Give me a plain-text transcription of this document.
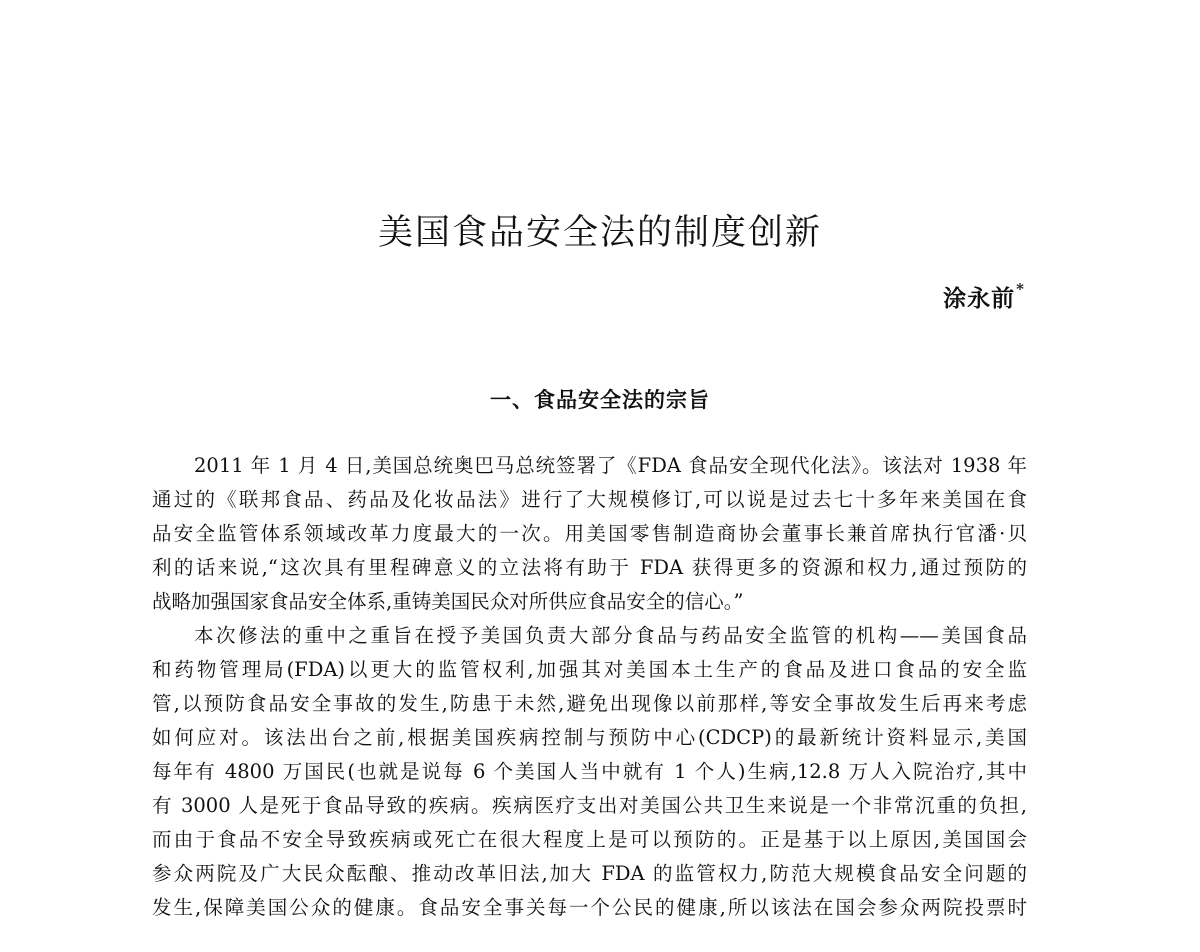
美国食品安全法的制度创新
涂永前*
一、食品安全法的宗旨
2011 年 1 月 4 日,美国总统奥巴马总统签署了《FDA 食品安全现代化法》。该法对 1938 年
通过的《联邦食品、药品及化妆品法》进行了大规模修订,可以说是过去七十多年来美国在食
品安全监管体系领域改革力度最大的一次。用美国零售制造商协会董事长兼首席执行官潘·贝
利的话来说,“这次具有里程碑意义的立法将有助于 FDA 获得更多的资源和权力,通过预防的
战略加强国家食品安全体系,重铸美国民众对所供应食品安全的信心。”
本次修法的重中之重旨在授予美国负责大部分食品与药品安全监管的机构——美国食品
和药物管理局(FDA)以更大的监管权利,加强其对美国本土生产的食品及进口食品的安全监
管,以预防食品安全事故的发生,防患于未然,避免出现像以前那样,等安全事故发生后再来考虑
如何应对。该法出台之前,根据美国疾病控制与预防中心(CDCP)的最新统计资料显示,美国
每年有 4800 万国民(也就是说每 6 个美国人当中就有 1 个人)生病,12.8 万人入院治疗,其中
有 3000 人是死于食品导致的疾病。疾病医疗支出对美国公共卫生来说是一个非常沉重的负担,
而由于食品不安全导致疾病或死亡在很大程度上是可以预防的。正是基于以上原因,美国国会
参众两院及广大民众酝酿、推动改革旧法,加大 FDA 的监管权力,防范大规模食品安全问题的
发生,保障美国公众的健康。食品安全事关每一个公民的健康,所以该法在国会参众两院投票时
